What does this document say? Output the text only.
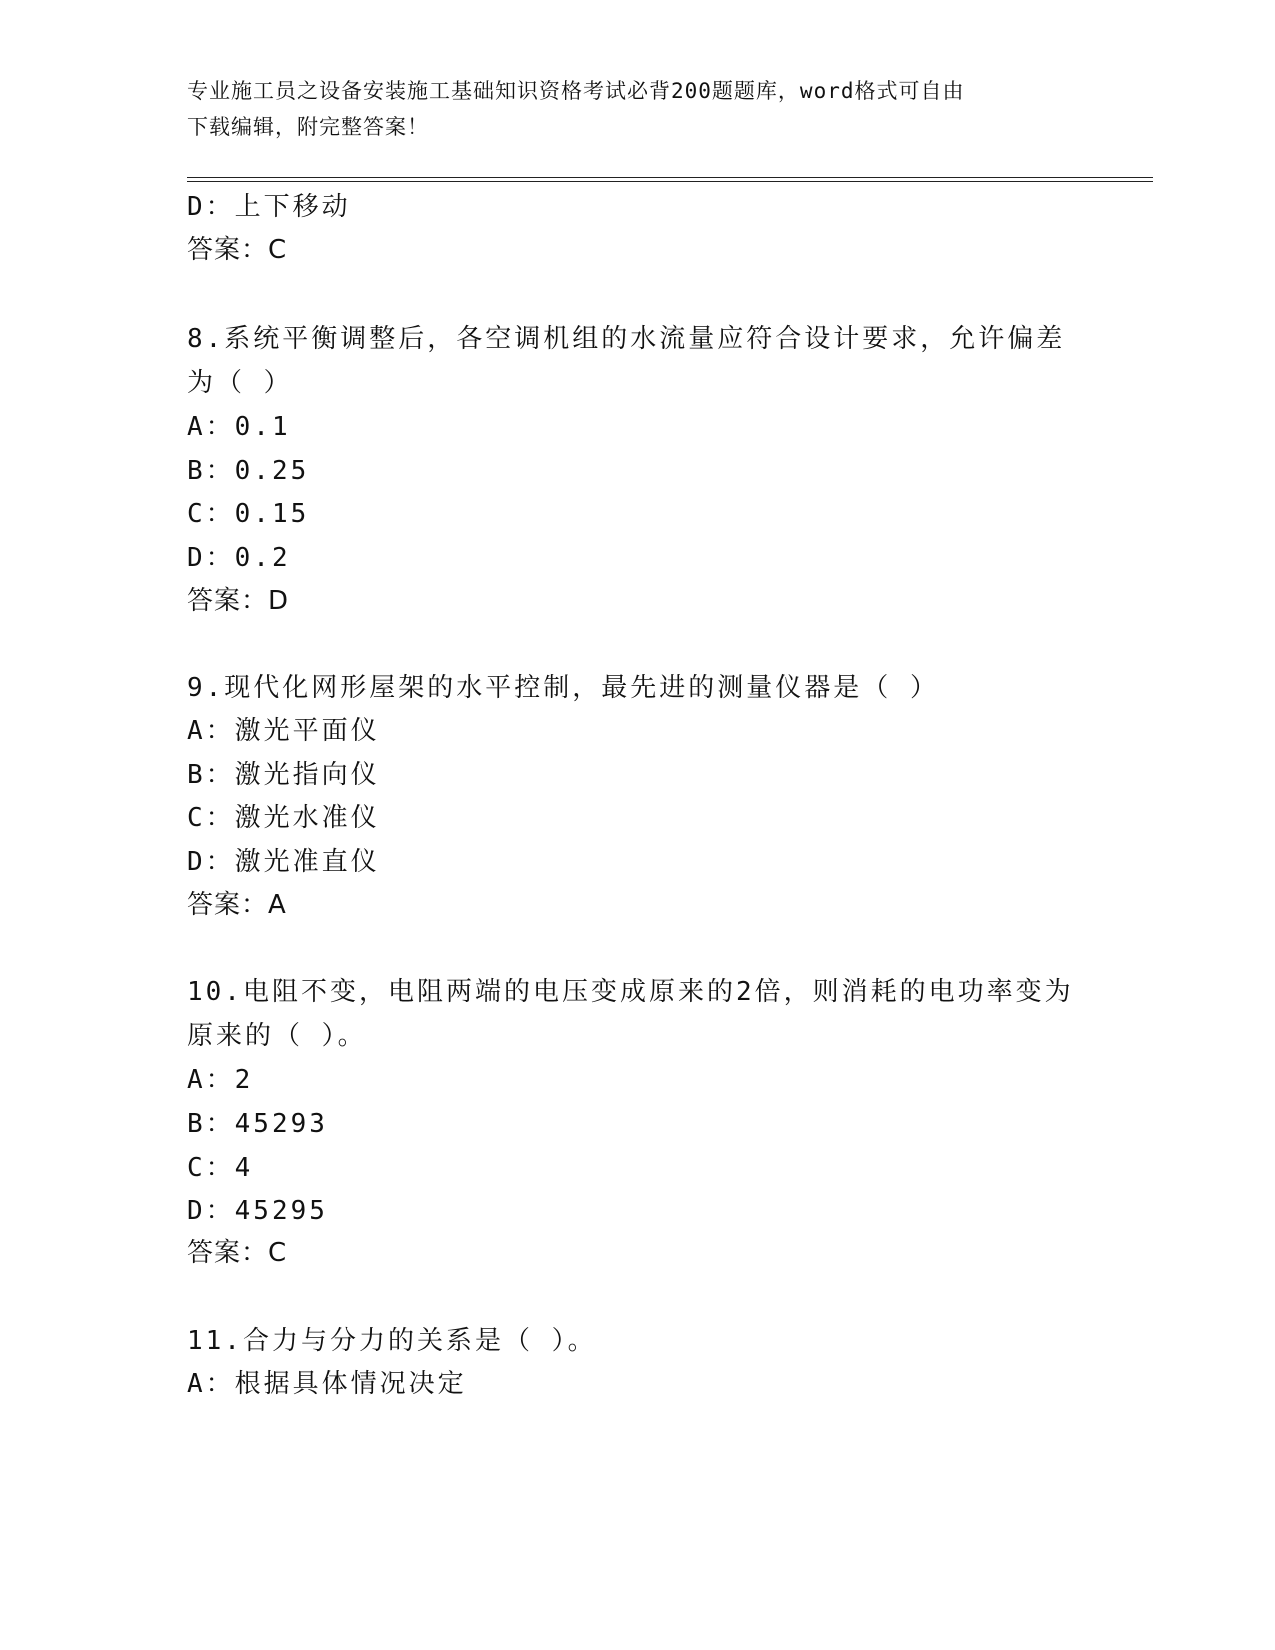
专业施工员之设备安装施工基础知识资格考试必背200题题库，word格式可自由
下载编辑，附完整答案！
D：上下移动
答案：C
8.系统平衡调整后，各空调机组的水流量应符合设计要求，允许偏差
为（ ）
A：0.1
B：0.25
C：0.15
D：0.2
答案：D
9.现代化网形屋架的水平控制，最先进的测量仪器是（ ）
A：激光平面仪
B：激光指向仪
C：激光水准仪
D：激光准直仪
答案：A
10.电阻不变，电阻两端的电压变成原来的2倍，则消耗的电功率变为
原来的（ ）。
A：2
B：45293
C：4
D：45295
答案：C
11.合力与分力的关系是（ ）。
A：根据具体情况决定
